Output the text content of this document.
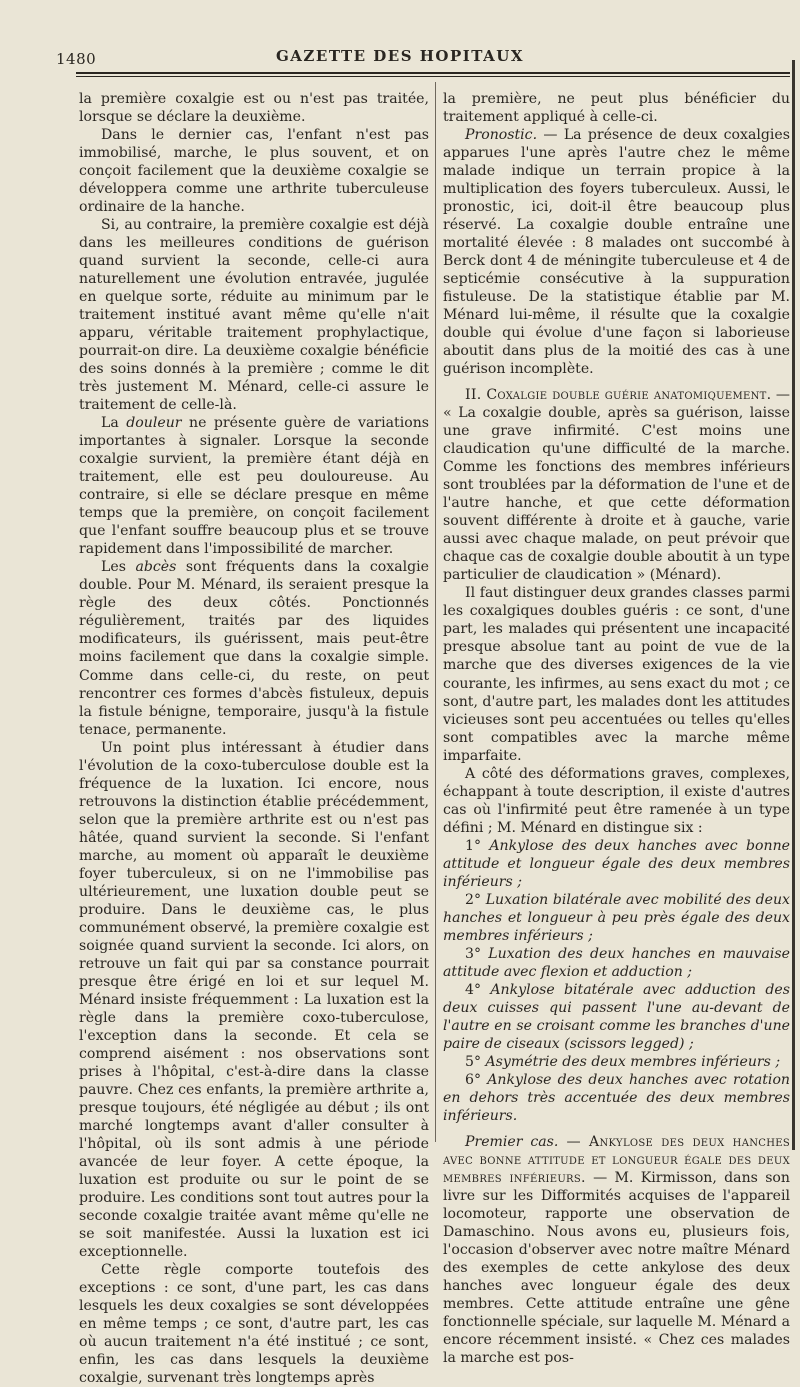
1480	GAZETTE DES HOPITAUX

la première coxalgie est ou n'est pas traitée, lorsque se déclare la deuxième.

Dans le dernier cas, l'enfant n'est pas immobilisé, marche, le plus souvent, et on conçoit facilement que la deuxième coxalgie se développera comme une arthrite tuberculeuse ordinaire de la hanche.

Si, au contraire, la première coxalgie est déjà dans les meilleures conditions de guérison quand survient la seconde, celle-ci aura naturellement une évolution entravée, jugulée en quelque sorte, réduite au minimum par le traitement institué avant même qu'elle n'ait apparu, véritable traitement prophylactique, pourrait-on dire. La deuxième coxalgie bénéficie des soins donnés à la première ; comme le dit très justement M. Ménard, celle-ci assure le traitement de celle-là.

La douleur ne présente guère de variations importantes à signaler. Lorsque la seconde coxalgie survient, la première étant déjà en traitement, elle est peu douloureuse. Au contraire, si elle se déclare presque en même temps que la première, on conçoit facilement que l'enfant souffre beaucoup plus et se trouve rapidement dans l'impossibilité de marcher.

Les abcès sont fréquents dans la coxalgie double. Pour M. Ménard, ils seraient presque la règle des deux côtés. Ponctionnés régulièrement, traités par des liquides modificateurs, ils guérissent, mais peut-être moins facilement que dans la coxalgie simple. Comme dans celle-ci, du reste, on peut rencontrer ces formes d'abcès fistuleux, depuis la fistule bénigne, temporaire, jusqu'à la fistule tenace, permanente.

Un point plus intéressant à étudier dans l'évolution de la coxo-tuberculose double est la fréquence de la luxation. Ici encore, nous retrouvons la distinction établie précédemment, selon que la première arthrite est ou n'est pas hâtée, quand survient la seconde. Si l'enfant marche, au moment où apparaît le deuxième foyer tuberculeux, si on ne l'immobilise pas ultérieurement, une luxation double peut se produire. Dans le deuxième cas, le plus communément observé, la première coxalgie est soignée quand survient la seconde. Ici alors, on retrouve un fait qui par sa constance pourrait presque être érigé en loi et sur lequel M. Ménard insiste fréquemment : La luxation est la règle dans la première coxo-tuberculose, l'exception dans la seconde. Et cela se comprend aisément : nos observations sont prises à l'hôpital, c'est-à-dire dans la classe pauvre. Chez ces enfants, la première arthrite a, presque toujours, été négligée au début ; ils ont marché longtemps avant d'aller consulter à l'hôpital, où ils sont admis à une période avancée de leur foyer. A cette époque, la luxation est produite ou sur le point de se produire. Les conditions sont tout autres pour la seconde coxalgie traitée avant même qu'elle ne se soit manifestée. Aussi la luxation est ici exceptionnelle.

Cette règle comporte toutefois des exceptions : ce sont, d'une part, les cas dans lesquels les deux coxalgies se sont développées en même temps ; ce sont, d'autre part, les cas où aucun traitement n'a été institué ; ce sont, enfin, les cas dans lesquels la deuxième coxalgie, survenant très longtemps après

la première, ne peut plus bénéficier du traitement appliqué à celle-ci.

Pronostic. — La présence de deux coxalgies apparues l'une après l'autre chez le même malade indique un terrain propice à la multiplication des foyers tuberculeux. Aussi, le pronostic, ici, doit-il être beaucoup plus réservé. La coxalgie double entraîne une mortalité élevée : 8 malades ont succombé à Berck dont 4 de méningite tuberculeuse et 4 de septicémie consécutive à la suppuration fistuleuse. De la statistique établie par M. Ménard lui-même, il résulte que la coxalgie double qui évolue d'une façon si laborieuse aboutit dans plus de la moitié des cas à une guérison incomplète.

II. Coxalgie double guérie anatomiquement. — « La coxalgie double, après sa guérison, laisse une grave infirmité. C'est moins une claudication qu'une difficulté de la marche. Comme les fonctions des membres inférieurs sont troublées par la déformation de l'une et de l'autre hanche, et que cette déformation souvent différente à droite et à gauche, varie aussi avec chaque malade, on peut prévoir que chaque cas de coxalgie double aboutit à un type particulier de claudication » (Ménard).

Il faut distinguer deux grandes classes parmi les coxalgiques doubles guéris : ce sont, d'une part, les malades qui présentent une incapacité presque absolue tant au point de vue de la marche que des diverses exigences de la vie courante, les infirmes, au sens exact du mot ; ce sont, d'autre part, les malades dont les attitudes vicieuses sont peu accentuées ou telles qu'elles sont compatibles avec la marche même imparfaite.

A côté des déformations graves, complexes, échappant à toute description, il existe d'autres cas où l'infirmité peut être ramenée à un type défini ; M. Ménard en distingue six :

1° Ankylose des deux hanches avec bonne attitude et longueur égale des deux membres inférieurs ;

2° Luxation bilatérale avec mobilité des deux hanches et longueur à peu près égale des deux membres inférieurs ;

3° Luxation des deux hanches en mauvaise attitude avec flexion et adduction ;

4° Ankylose bitatérale avec adduction des deux cuisses qui passent l'une au-devant de l'autre en se croisant comme les branches d'une paire de ciseaux (scissors legged) ;

5° Asymétrie des deux membres inférieurs ;

6° Ankylose des deux hanches avec rotation en dehors très accentuée des deux membres inférieurs.

Premier cas. — Ankylose des deux hanches avec bonne attitude et longueur égale des deux membres inférieurs. — M. Kirmisson, dans son livre sur les Difformités acquises de l'appareil locomoteur, rapporte une observation de Damaschino. Nous avons eu, plusieurs fois, l'occasion d'observer avec notre maître Ménard des exemples de cette ankylose des deux hanches avec longueur égale des deux membres. Cette attitude entraîne une gêne fonctionnelle spéciale, sur laquelle M. Ménard a encore récemment insisté. « Chez ces malades la marche est pos-
